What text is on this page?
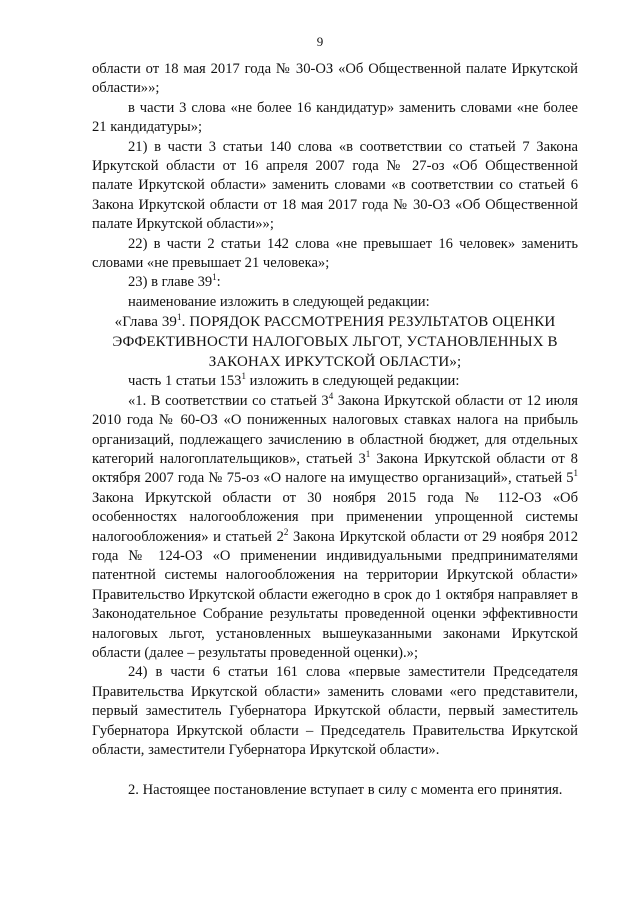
9

области от 18 мая 2017 года № 30-ОЗ «Об Общественной палате Иркутской области»»;

в части 3 слова «не более 16 кандидатур» заменить словами «не более 21 кандидатуры»;

21) в части 3 статьи 140 слова «в соответствии со статьей 7 Закона Иркутской области от 16 апреля 2007 года № 27-оз «Об Общественной палате Иркутской области» заменить словами «в соответствии со статьей 6 Закона Иркутской области от 18 мая 2017 года № 30-ОЗ «Об Общественной палате Иркутской области»»;

22) в части 2 статьи 142 слова «не превышает 16 человек» заменить словами «не превышает 21 человека»;

23) в главе $39^1$:

наименование изложить в следующей редакции:

«Глава $39^1$. ПОРЯДОК РАССМОТРЕНИЯ РЕЗУЛЬТАТОВ ОЦЕНКИ ЭФФЕКТИВНОСТИ НАЛОГОВЫХ ЛЬГОТ, УСТАНОВЛЕННЫХ В ЗАКОНАХ ИРКУТСКОЙ ОБЛАСТИ»;

часть 1 статьи $153^1$ изложить в следующей редакции:

«1. В соответствии со статьей $3^4$ Закона Иркутской области от 12 июля 2010 года № 60-ОЗ «О пониженных налоговых ставках налога на прибыль организаций, подлежащего зачислению в областной бюджет, для отдельных категорий налогоплательщиков», статьей $3^1$ Закона Иркутской области от 8 октября 2007 года № 75-оз «О налоге на имущество организаций», статьей $5^1$ Закона Иркутской области от 30 ноября 2015 года № 112-ОЗ «Об особенностях налогообложения при применении упрощенной системы налогообложения» и статьей $2^2$ Закона Иркутской области от 29 ноября 2012 года № 124-ОЗ «О применении индивидуальными предпринимателями патентной системы налогообложения на территории Иркутской области» Правительство Иркутской области ежегодно в срок до 1 октября направляет в Законодательное Собрание результаты проведенной оценки эффективности налоговых льгот, установленных вышеуказанными законами Иркутской области (далее – результаты проведенной оценки).»;

24) в части 6 статьи 161 слова «первые заместители Председателя Правительства Иркутской области» заменить словами «его представители, первый заместитель Губернатора Иркутской области, первый заместитель Губернатора Иркутской области – Председатель Правительства Иркутской области, заместители Губернатора Иркутской области».

2. Настоящее постановление вступает в силу с момента его принятия.
